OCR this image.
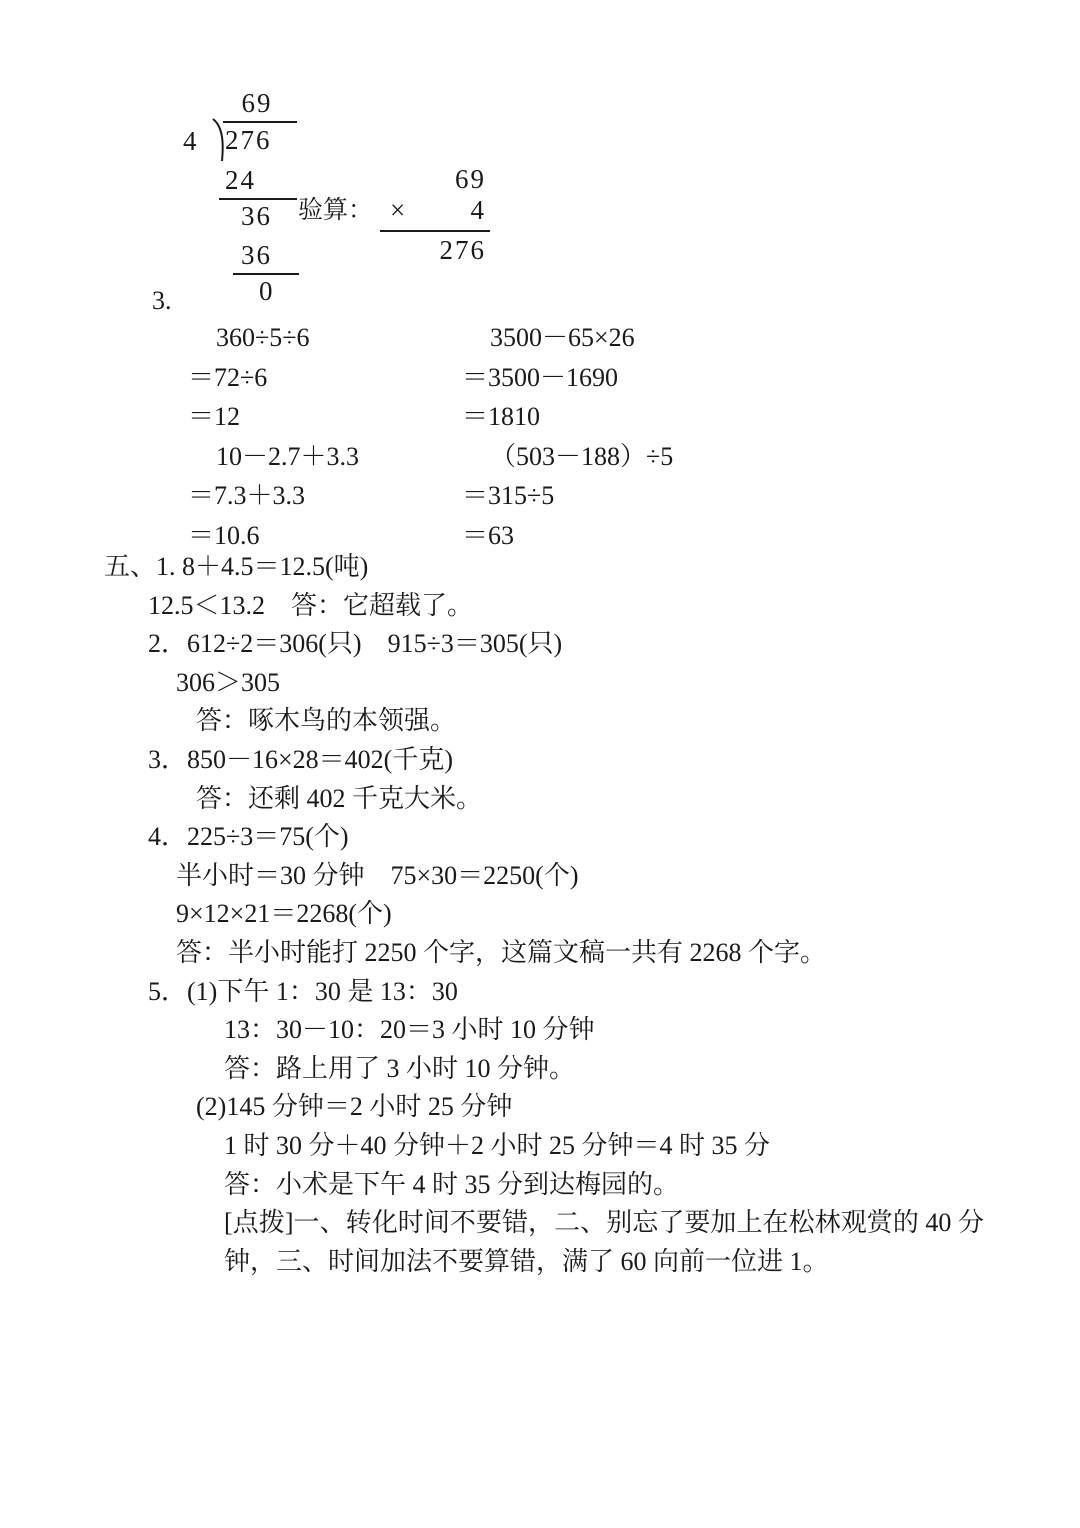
69
4 276
24
36
36
0
验算：
69
× 4
276
3.
360÷5÷6
＝72÷6
＝12
10－2.7＋3.3
＝7.3＋3.3
＝10.6
3500－65×26
＝3500－1690
＝1810
（503－188）÷5
＝315÷5
＝63
五、1. 8＋4.5＝12.5(吨)
12.5＜13.2　答：它超载了。
2．612÷2＝306(只)　915÷3＝305(只)
306＞305
答：啄木鸟的本领强。
3．850－16×28＝402(千克)
答：还剩 402 千克大米。
4．225÷3＝75(个)
半小时＝30 分钟　75×30＝2250(个)
9×12×21＝2268(个)
答：半小时能打 2250 个字，这篇文稿一共有 2268 个字。
5．(1)下午 1：30 是 13：30
13：30－10：20＝3 小时 10 分钟
答：路上用了 3 小时 10 分钟。
(2)145 分钟＝2 小时 25 分钟
1 时 30 分＋40 分钟＋2 小时 25 分钟＝4 时 35 分
答：小术是下午 4 时 35 分到达梅园的。
[点拨]一、转化时间不要错，二、别忘了要加上在松林观赏的 40 分钟，三、时间加法不要算错，满了 60 向前一位进 1。
